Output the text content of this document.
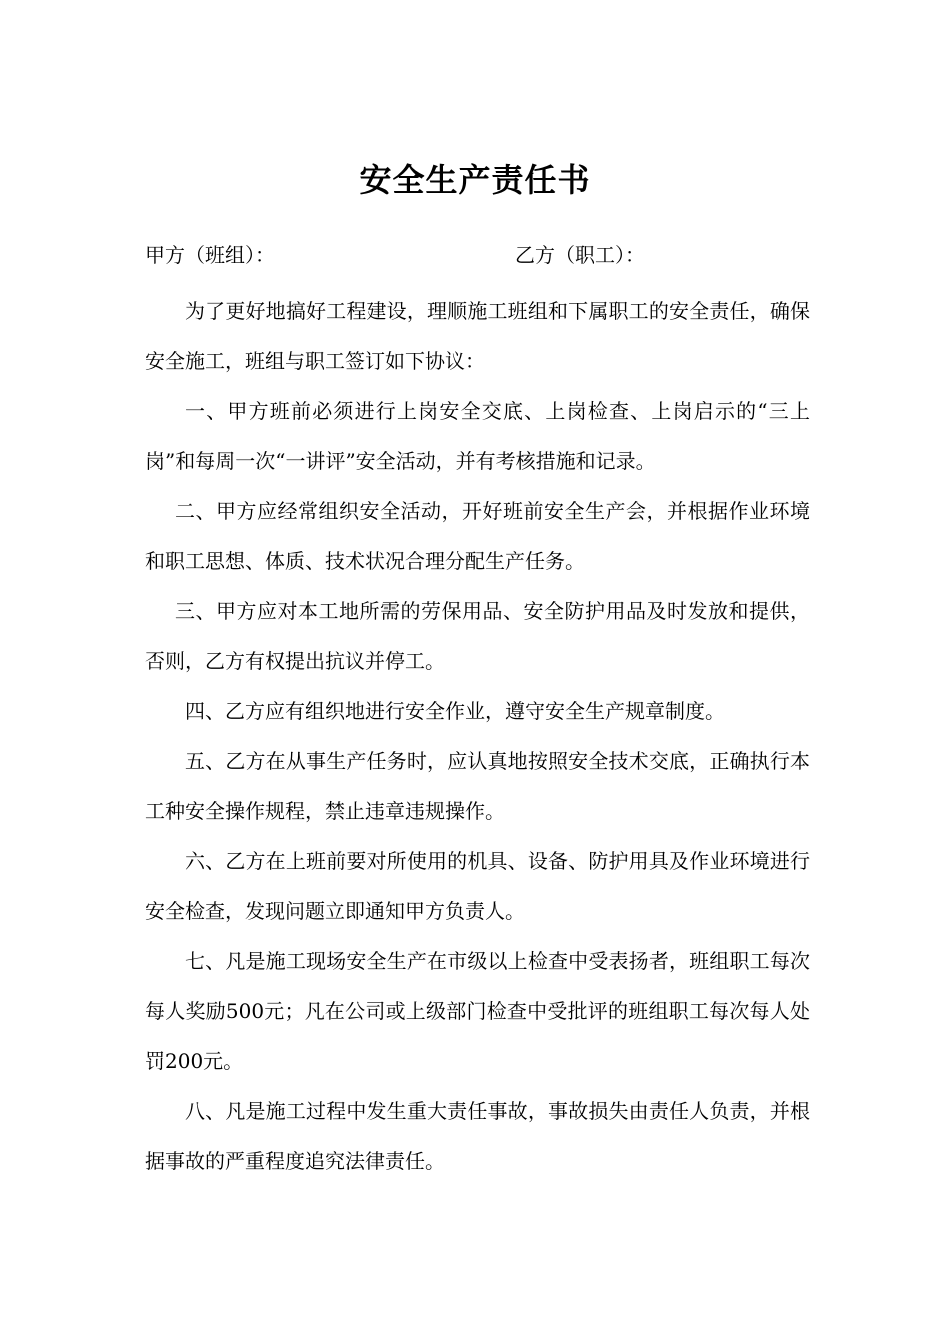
安全生产责任书
甲方（班组）：	乙方（职工）：

为了更好地搞好工程建设，理顺施工班组和下属职工的安全责任，确保安全施工，班组与职工签订如下协议：

一、甲方班前必须进行上岗安全交底、上岗检查、上岗启示的“三上岗”和每周一次“一讲评”安全活动，并有考核措施和记录。

二、甲方应经常组织安全活动，开好班前安全生产会，并根据作业环境和职工思想、体质、技术状况合理分配生产任务。

三、甲方应对本工地所需的劳保用品、安全防护用品及时发放和提供，否则，乙方有权提出抗议并停工。

四、乙方应有组织地进行安全作业，遵守安全生产规章制度。

五、乙方在从事生产任务时，应认真地按照安全技术交底，正确执行本工种安全操作规程，禁止违章违规操作。

六、乙方在上班前要对所使用的机具、设备、防护用具及作业环境进行安全检查，发现问题立即通知甲方负责人。

七、凡是施工现场安全生产在市级以上检查中受表扬者，班组职工每次每人奖励500元；凡在公司或上级部门检查中受批评的班组职工每次每人处罚200元。

八、凡是施工过程中发生重大责任事故，事故损失由责任人负责，并根据事故的严重程度追究法律责任。
